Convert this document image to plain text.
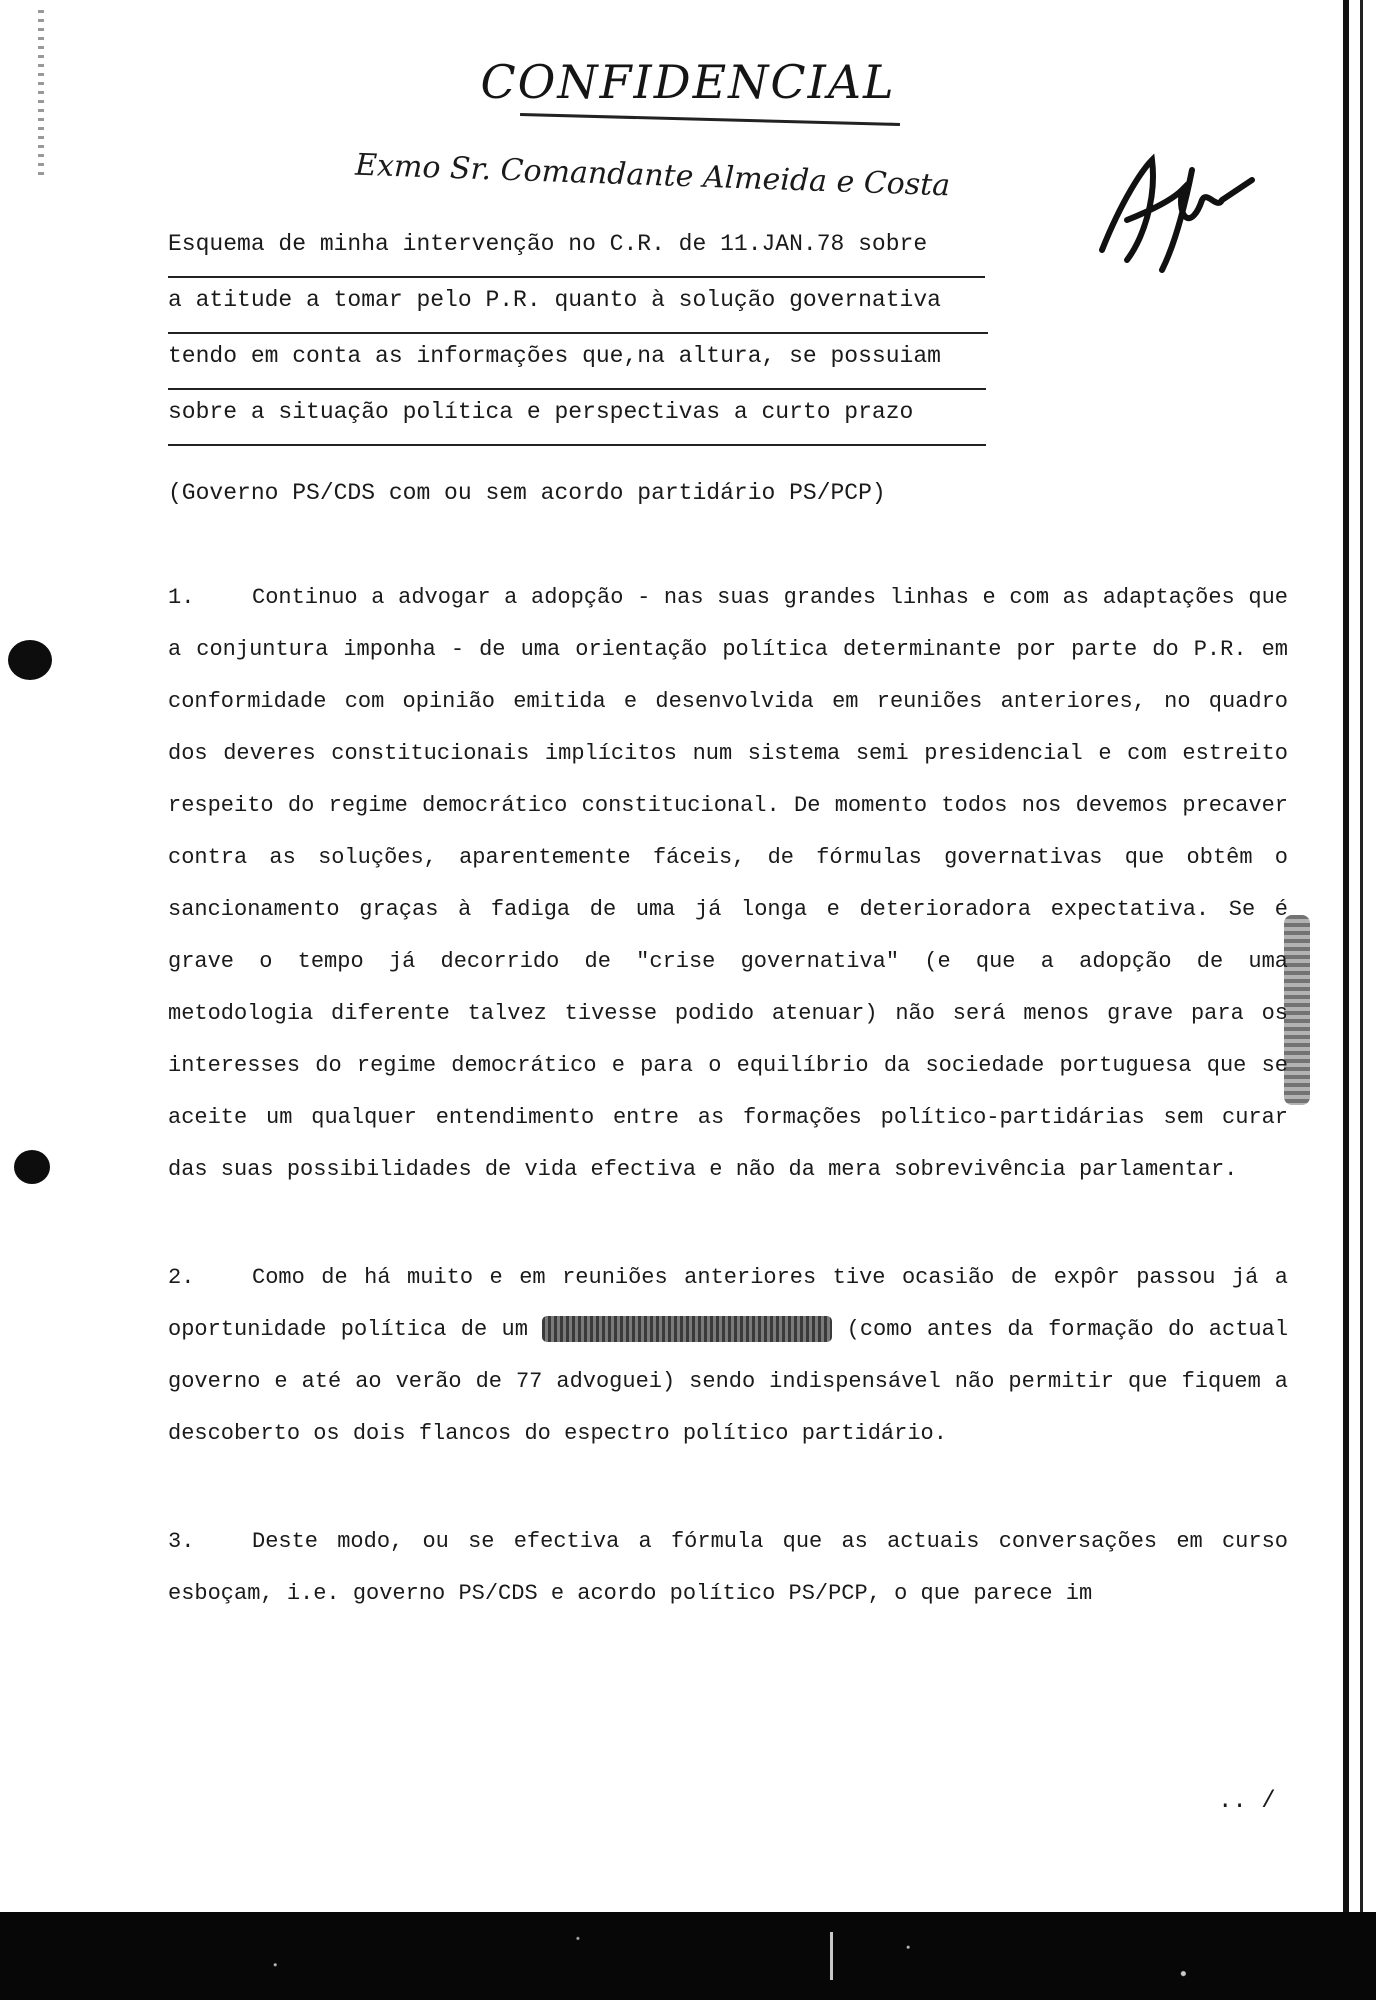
CONFIDENCIAL
Exmo Sr. Comandante Almeida e Costa

Esquema de minha intervenção no C.R. de 11.JAN.78 sobre

a atitude a tomar pelo P.R. quanto à solução governativa

tendo em conta as informações que,na altura, se possuiam

sobre a situação política e perspectivas a curto prazo

(Governo PS/CDS com ou sem acordo partidário PS/PCP)

1.	Continuo a advogar a adopção - nas suas grandes linhas e com as adaptações que a conjuntura imponha - de uma orientação política determinante por parte do P.R. em conformidade com opinião emitida e desenvolvida em reuniões anteriores, no quadro dos deveres constitucionais implícitos num sistema semi presidencial e com estreito respeito do regime democrático constitucional. De momento todos nos devemos precaver contra as soluções, aparentemente fáceis, de fórmulas governativas que obtêm o sancionamento graças à fadiga de uma já longa e deterioradora expectativa. Se é grave o tempo já decorrido de "crise governativa" (e que a adopção de uma metodologia diferente talvez tivesse podido atenuar) não será menos grave para os interesses do regime democrático e para o equilíbrio da sociedade portuguesa que se aceite um qualquer entendimento entre as formações político-partidárias sem curar das suas possibilidades de vida efectiva e não da mera sobrevivência parlamentar.

2.	Como de há muito e em reuniões anteriores tive ocasião de expôr passou já a oportunidade política de um	(como antes da formação do actual governo e até ao verão de 77 advoguei) sendo indispensável não permitir que fiquem a descoberto os dois flancos do espectro político partidário.

3.	Deste modo, ou se efectiva a fórmula que as actuais conversações em curso esboçam, i.e. governo PS/CDS e acordo político PS/PCP, o que parece im

.. /
